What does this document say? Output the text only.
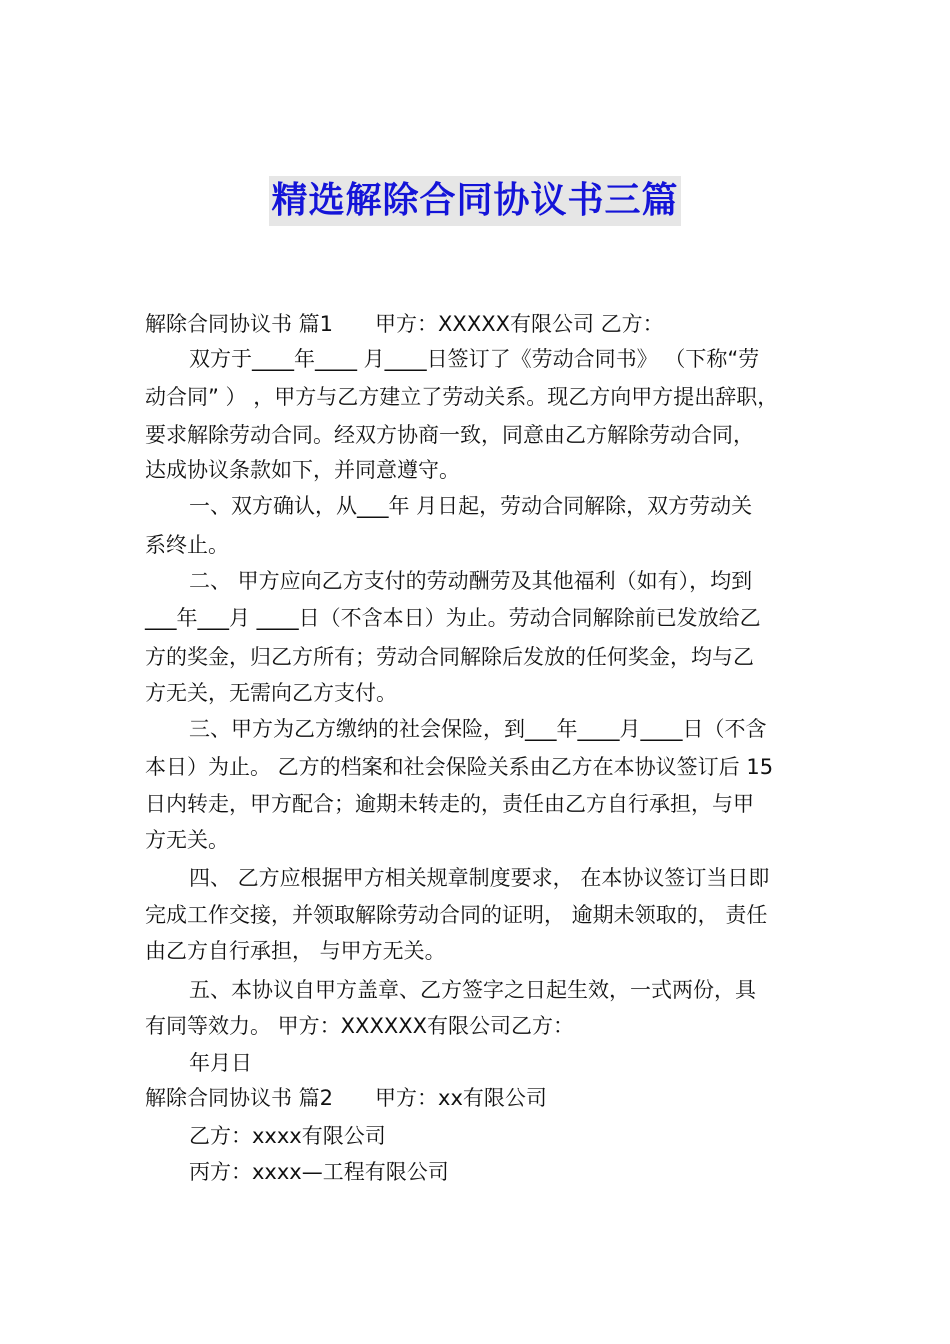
精选解除合同协议书三篇

解除合同协议书 篇1 甲方：XXXXX有限公司 乙方：

双方于____年____ 月____日签订了《劳动合同书》 （下称“劳

动合同” ） ，甲方与乙方建立了劳动关系。现乙方向甲方提出辞职，

要求解除劳动合同。经双方协商一致，同意由乙方解除劳动合同，

达成协议条款如下，并同意遵守。

一、双方确认，从___年 月日起，劳动合同解除，双方劳动关

系终止。

二、 甲方应向乙方支付的劳动酬劳及其他福利（如有），均到

___年___月 ____日（不含本日）为止。劳动合同解除前已发放给乙

方的奖金，归乙方所有；劳动合同解除后发放的任何奖金，均与乙

方无关，无需向乙方支付。

三、甲方为乙方缴纳的社会保险，到___年____月____日（不含

本日）为止。 乙方的档案和社会保险关系由乙方在本协议签订后 15

日内转走，甲方配合；逾期未转走的，责任由乙方自行承担，与甲

方无关。

四、 乙方应根据甲方相关规章制度要求， 在本协议签订当日即

完成工作交接，并领取解除劳动合同的证明， 逾期未领取的， 责任

由乙方自行承担， 与甲方无关。

五、本协议自甲方盖章、乙方签字之日起生效，一式两份，具

有同等效力。 甲方：XXXXXX有限公司乙方：

年月日

解除合同协议书 篇2 甲方：xx有限公司

乙方：xxxx有限公司

丙方：xxxx—工程有限公司
